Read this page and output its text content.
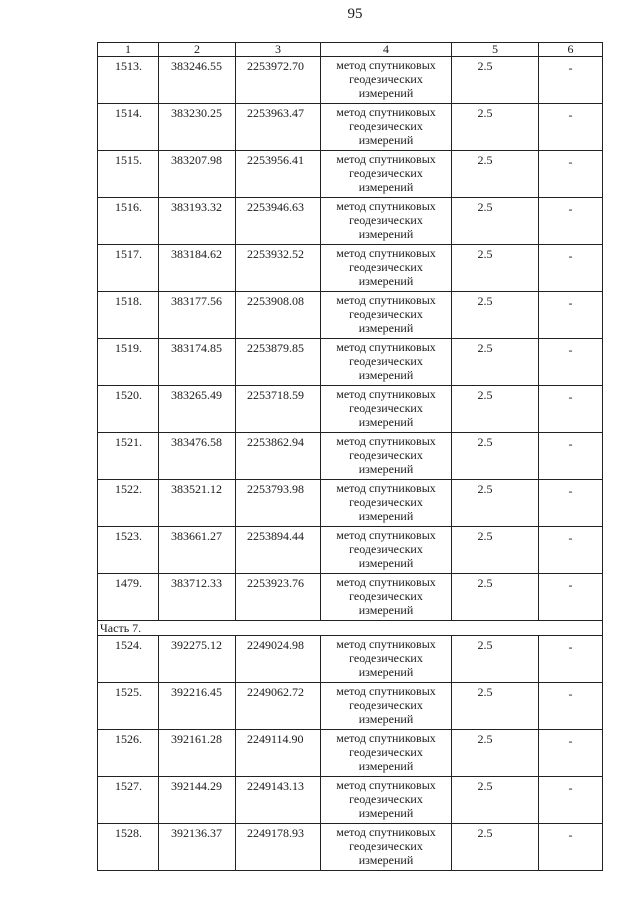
95
1	2	3	4	5	6
1513.	383246.55	2253972.70	метод спутниковых геодезических измерений	2.5	-
1514.	383230.25	2253963.47	метод спутниковых геодезических измерений	2.5	-
1515.	383207.98	2253956.41	метод спутниковых геодезических измерений	2.5	-
1516.	383193.32	2253946.63	метод спутниковых геодезических измерений	2.5	-
1517.	383184.62	2253932.52	метод спутниковых геодезических измерений	2.5	-
1518.	383177.56	2253908.08	метод спутниковых геодезических измерений	2.5	-
1519.	383174.85	2253879.85	метод спутниковых геодезических измерений	2.5	-
1520.	383265.49	2253718.59	метод спутниковых геодезических измерений	2.5	-
1521.	383476.58	2253862.94	метод спутниковых геодезических измерений	2.5	-
1522.	383521.12	2253793.98	метод спутниковых геодезических измерений	2.5	-
1523.	383661.27	2253894.44	метод спутниковых геодезических измерений	2.5	-
1479.	383712.33	2253923.76	метод спутниковых геодезических измерений	2.5	-
Часть 7.					
1524.	392275.12	2249024.98	метод спутниковых геодезических измерений	2.5	-
1525.	392216.45	2249062.72	метод спутниковых геодезических измерений	2.5	-
1526.	392161.28	2249114.90	метод спутниковых геодезических измерений	2.5	-
1527.	392144.29	2249143.13	метод спутниковых геодезических измерений	2.5	-
1528.	392136.37	2249178.93	метод спутниковых геодезических измерений	2.5	-
